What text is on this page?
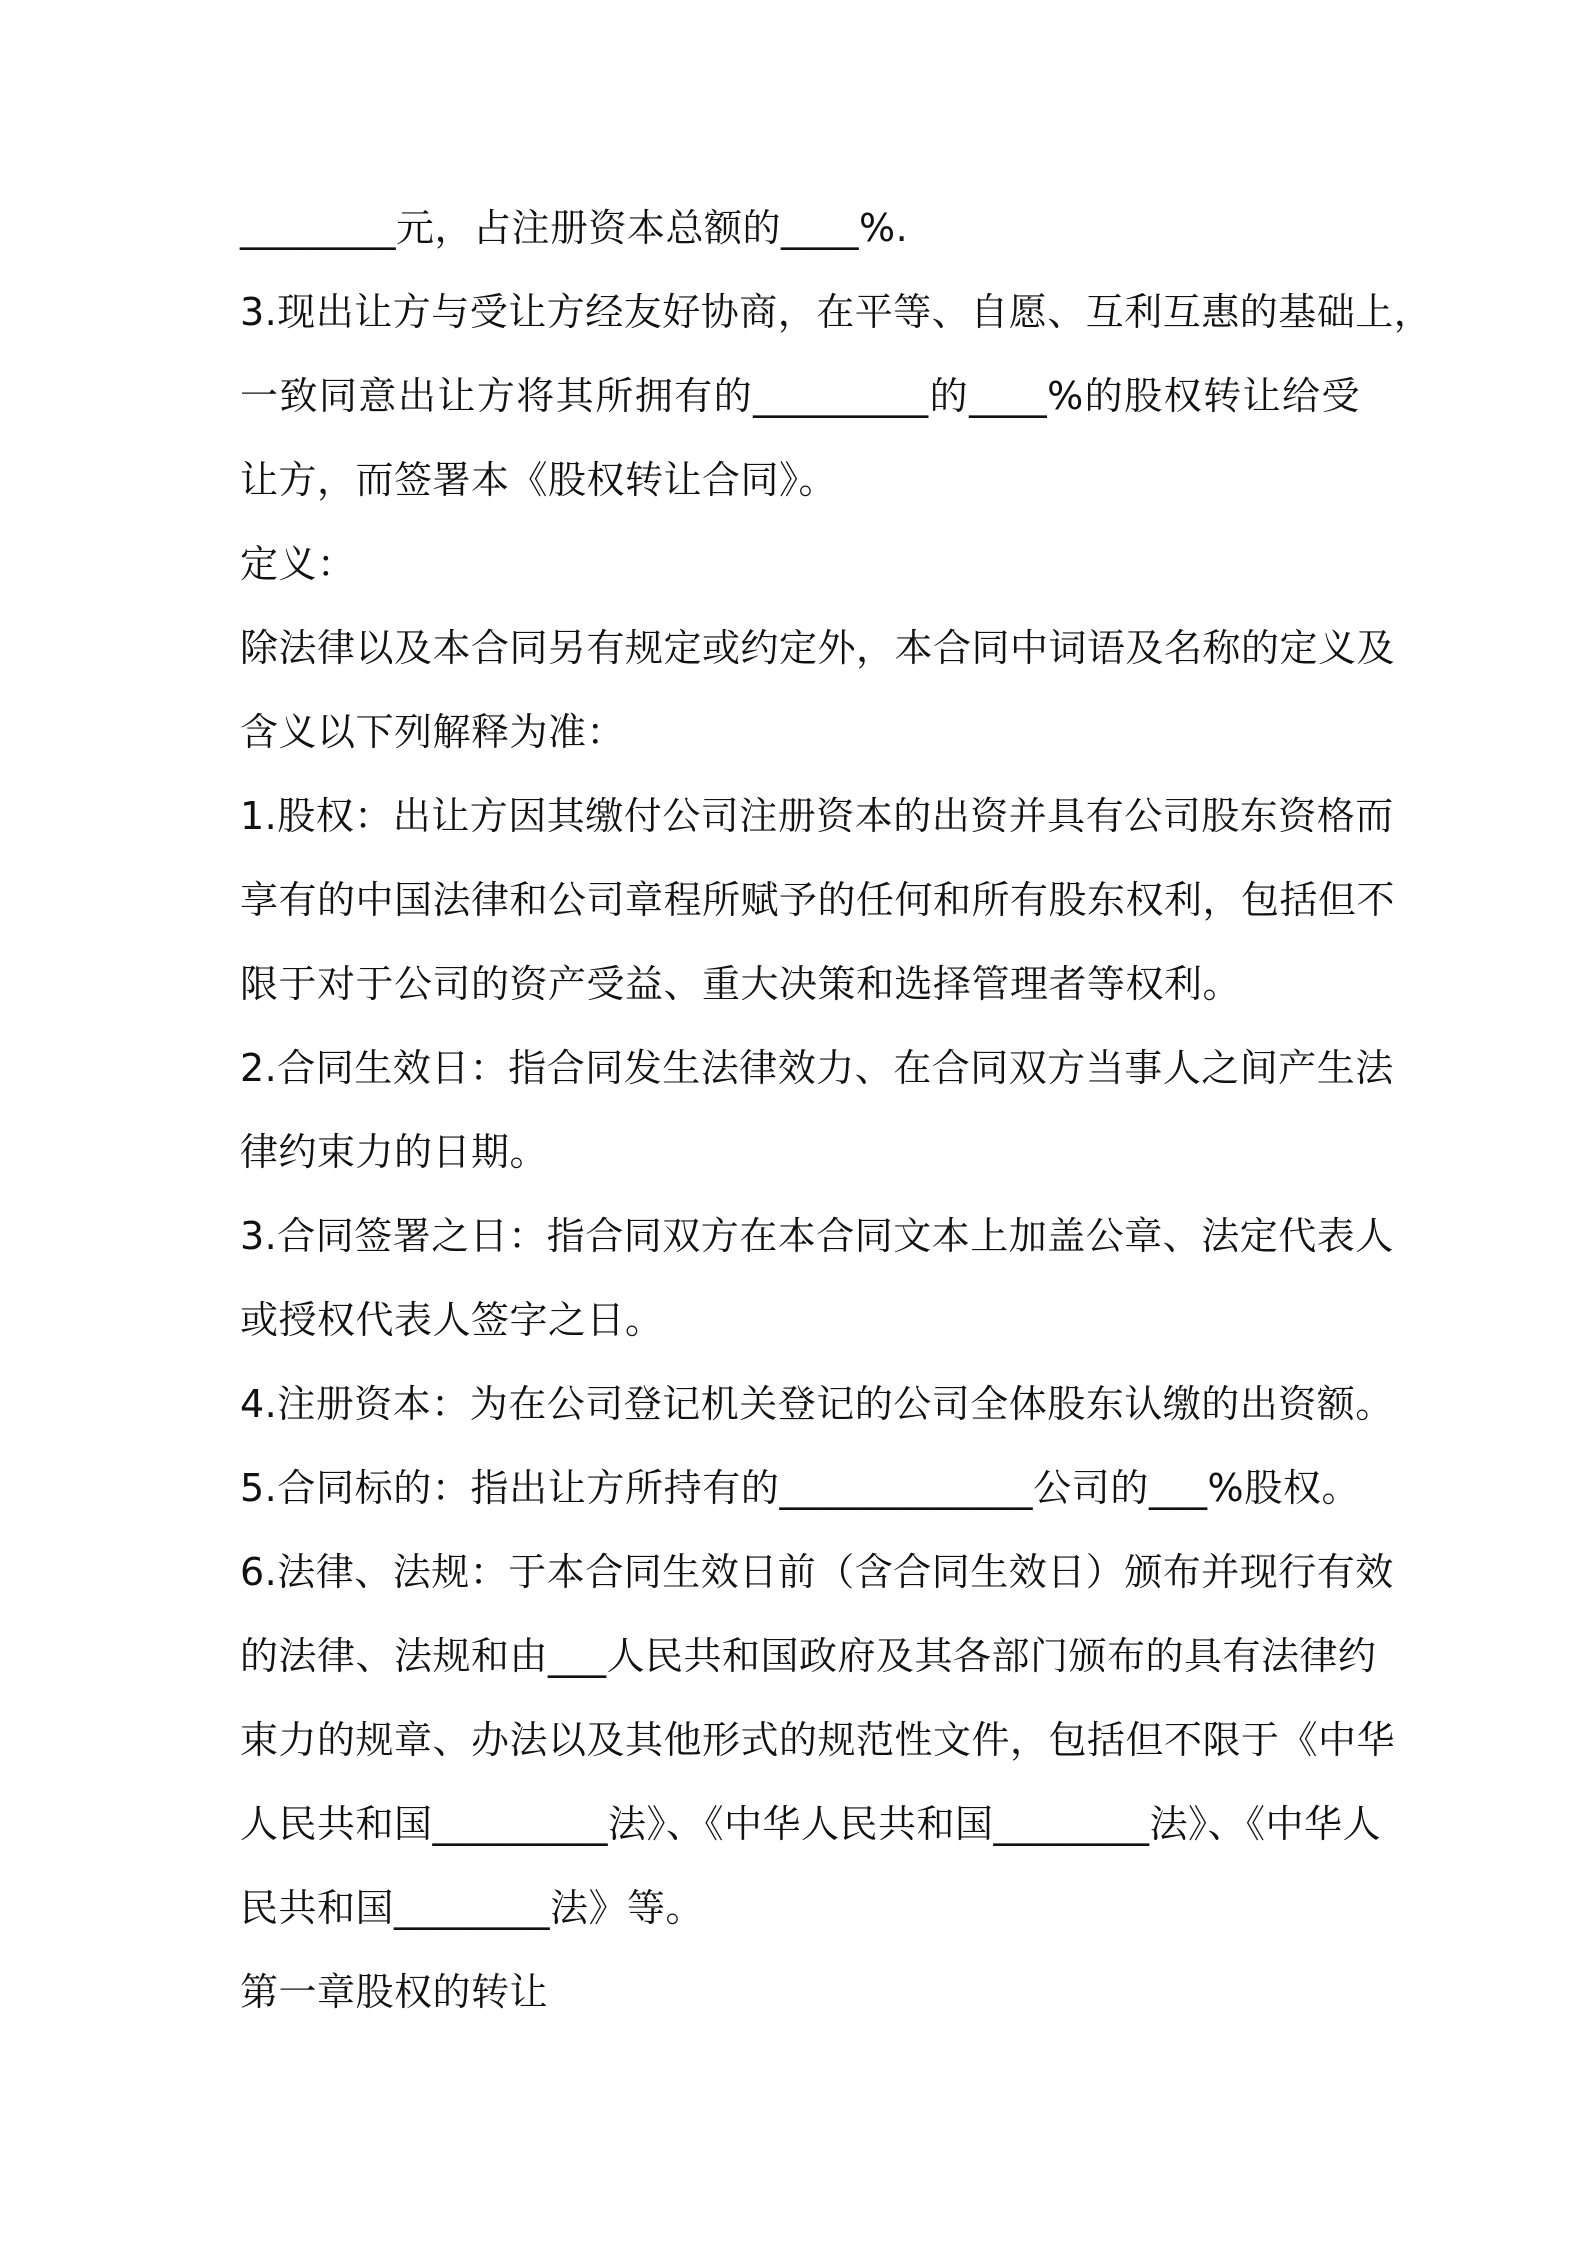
________元，占注册资本总额的____%.
3.现出让方与受让方经友好协商，在平等、自愿、互利互惠的基础上，
一致同意出让方将其所拥有的_________的____%的股权转让给受
让方，而签署本《股权转让合同》。
定义：
除法律以及本合同另有规定或约定外，本合同中词语及名称的定义及
含义以下列解释为准：
1.股权：出让方因其缴付公司注册资本的出资并具有公司股东资格而
享有的中国法律和公司章程所赋予的任何和所有股东权利，包括但不
限于对于公司的资产受益、重大决策和选择管理者等权利。
2.合同生效日：指合同发生法律效力、在合同双方当事人之间产生法
律约束力的日期。
3.合同签署之日：指合同双方在本合同文本上加盖公章、法定代表人
或授权代表人签字之日。
4.注册资本：为在公司登记机关登记的公司全体股东认缴的出资额。
5.合同标的：指出让方所持有的_____________公司的___%股权。
6.法律、法规：于本合同生效日前（含合同生效日）颁布并现行有效
的法律、法规和由___人民共和国政府及其各部门颁布的具有法律约
束力的规章、办法以及其他形式的规范性文件，包括但不限于《中华
人民共和国_________法》、《中华人民共和国________法》、《中华人
民共和国________法》等。
第一章股权的转让
